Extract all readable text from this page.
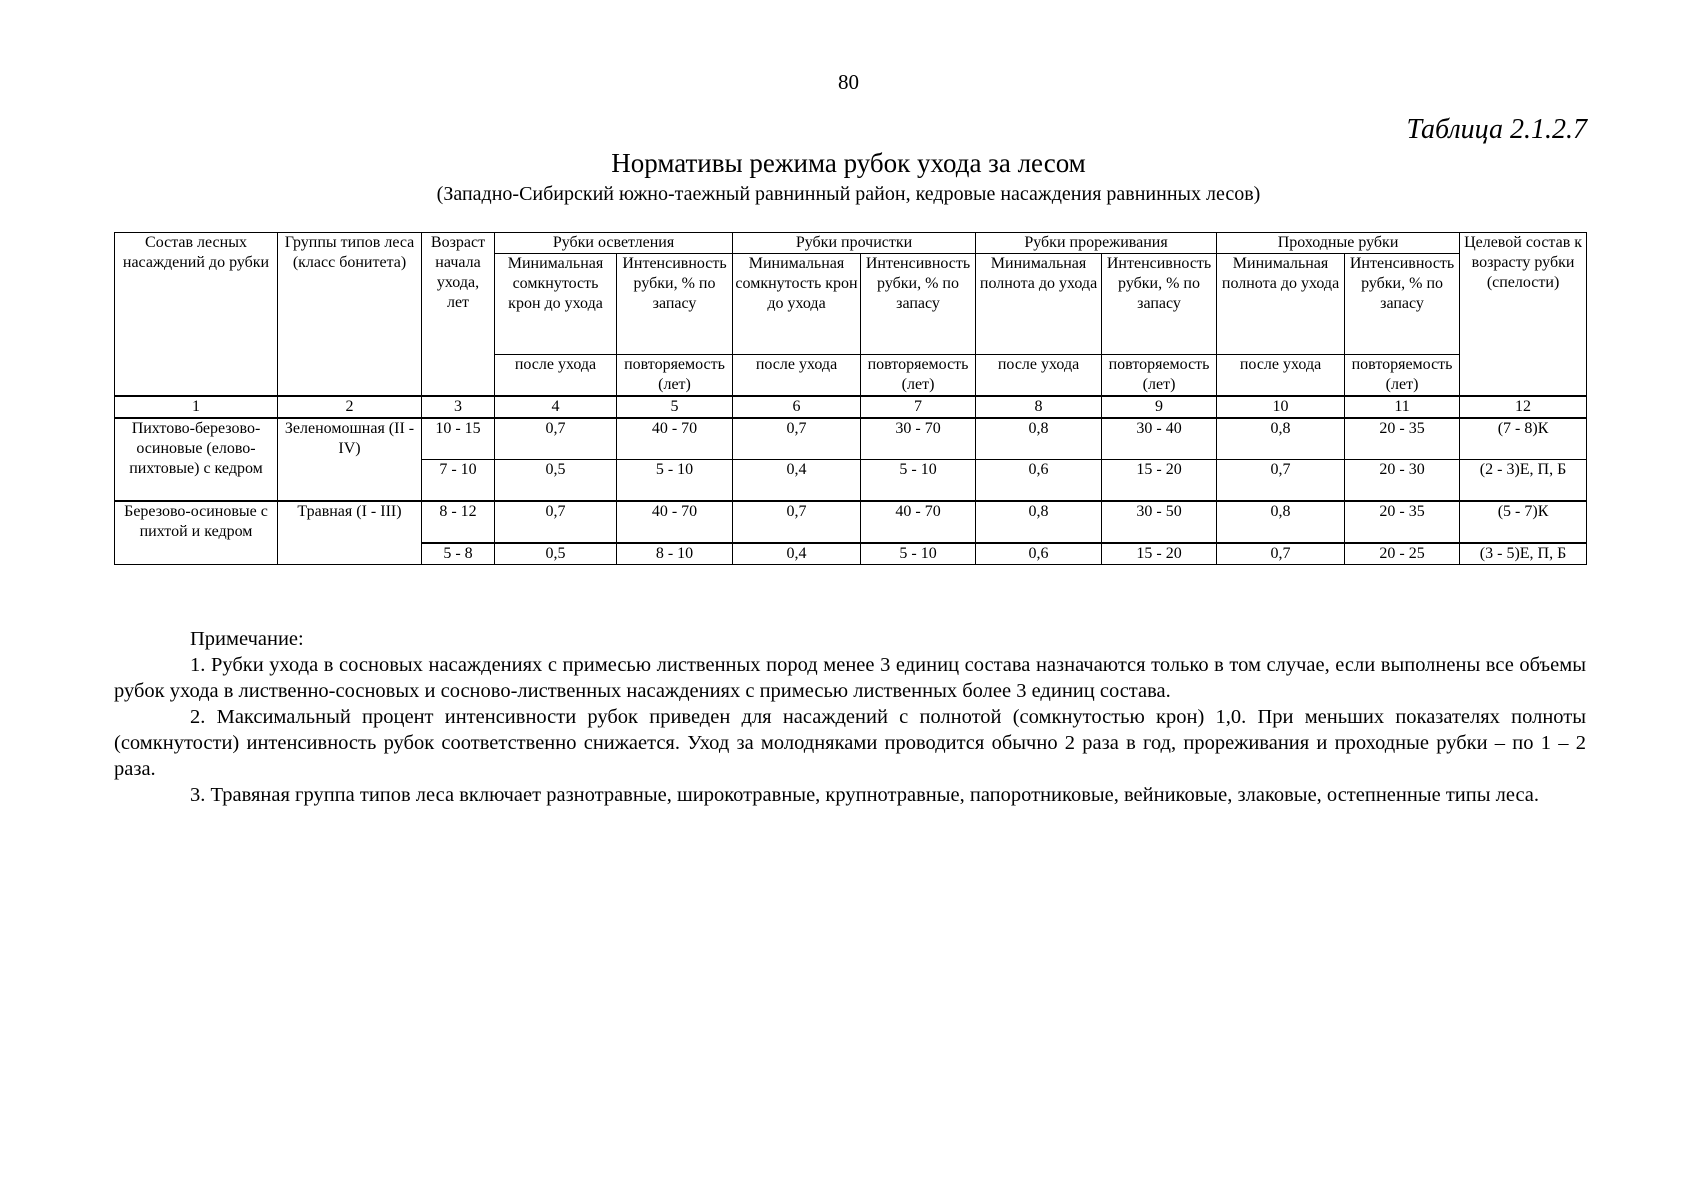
80
Таблица 2.1.2.7
Нормативы режима рубок ухода за лесом
(Западно-Сибирский южно-таежный равнинный район, кедровые насаждения равнинных лесов)
Состав лесных насаждений до рубки	Группы типов леса (класс бонитета)	Возраст начала ухода, лет	Рубки осветления		Рубки прочистки		Рубки прореживания		Проходные рубки		Целевой состав к возрасту рубки (спелости)
			Минимальная сомкнутость крон до ухода	Интенсивность рубки, % по запасу	Минимальная сомкнутость крон до ухода	Интенсивность рубки, % по запасу	Минимальная полнота до ухода	Интенсивность рубки, % по запасу	Минимальная полнота до ухода	Интенсивность рубки, % по запасу	
			после ухода	повторяемость (лет)	после ухода	повторяемость (лет)	после ухода	повторяемость (лет)	после ухода	повторяемость (лет)	
1	2	3	4	5	6	7	8	9	10	11	12
Пихтово-березово-осиновые (елово-пихтовые) с кедром	Зеленомошная (II - IV)	10 - 15	0,7	40 - 70	0,7	30 - 70	0,8	30 - 40	0,8	20 - 35	(7 - 8)К
		7 - 10	0,5	5 - 10	0,4	5 - 10	0,6	15 - 20	0,7	20 - 30	(2 - 3)Е, П, Б
Березово-осиновые с пихтой и кедром	Травная (I - III)	8 - 12	0,7	40 - 70	0,7	40 - 70	0,8	30 - 50	0,8	20 - 35	(5 - 7)К
		5 - 8	0,5	8 - 10	0,4	5 - 10	0,6	15 - 20	0,7	20 - 25	(3 - 5)Е, П, Б

Примечание:

1. Рубки ухода в сосновых насаждениях с примесью лиственных пород менее 3 единиц состава назначаются только в том случае, если выполнены все объемы рубок ухода в лиственно-сосновых и сосново-лиственных насаждениях с примесью лиственных более 3 единиц состава.

2. Максимальный процент интенсивности рубок приведен для насаждений с полнотой (сомкнутостью крон) 1,0. При меньших показателях полноты (сомкнутости) интенсивность рубок соответственно снижается. Уход за молодняками проводится обычно 2 раза в год, прореживания и проходные рубки – по 1 – 2 раза.

3. Травяная группа типов леса включает разнотравные, широкотравные, крупнотравные, папоротниковые, вейниковые, злаковые, остепненные типы леса.
